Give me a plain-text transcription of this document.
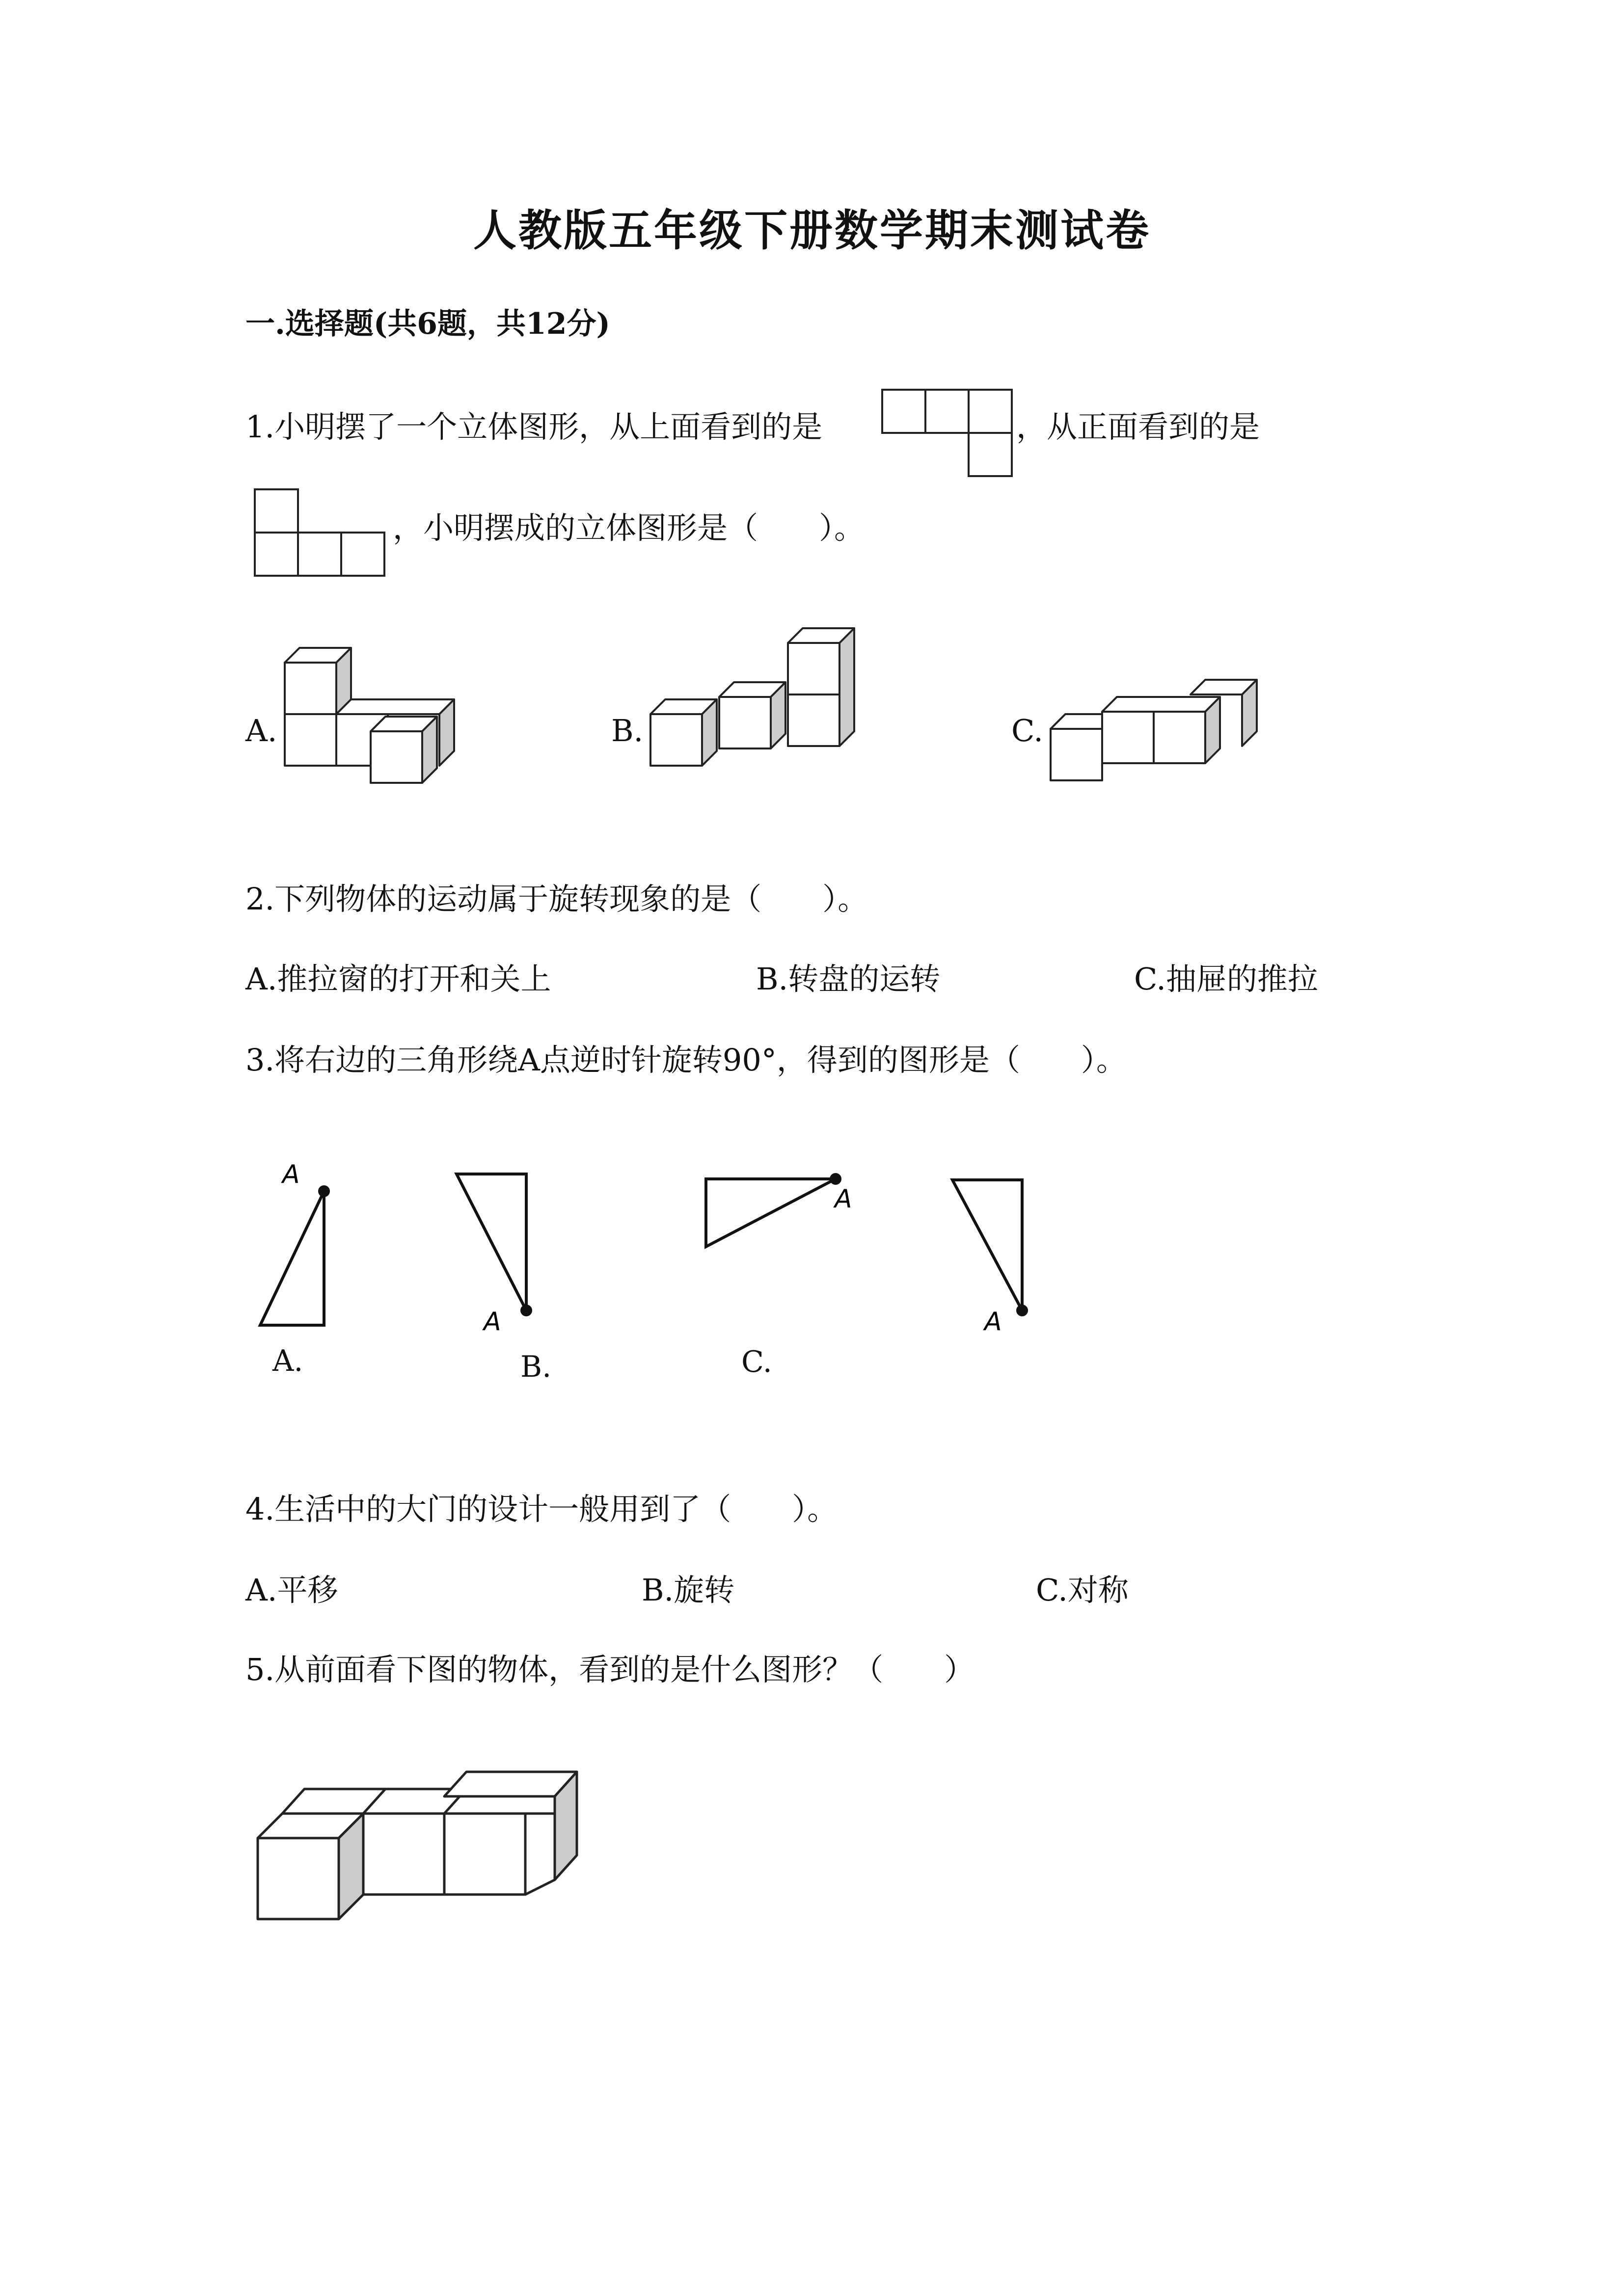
人教版五年级下册数学期末测试卷
一.选择题(共6题，共12分)
1.小明摆了一个立体图形，从上面看到的是	，从正面看到的是
，小明摆成的立体图形是（　　）。
A.	B.	C.
2.下列物体的运动属于旋转现象的是（　　）。
A.推拉窗的打开和关上	B.转盘的运转	C.抽屉的推拉
3.将右边的三角形绕A点逆时针旋转90°，得到的图形是（　　）。
A
A.
A
B.
A
C.
A
4.生活中的大门的设计一般用到了（　　）。
A.平移	B.旋转	C.对称
5.从前面看下图的物体，看到的是什么图形？（　　）
